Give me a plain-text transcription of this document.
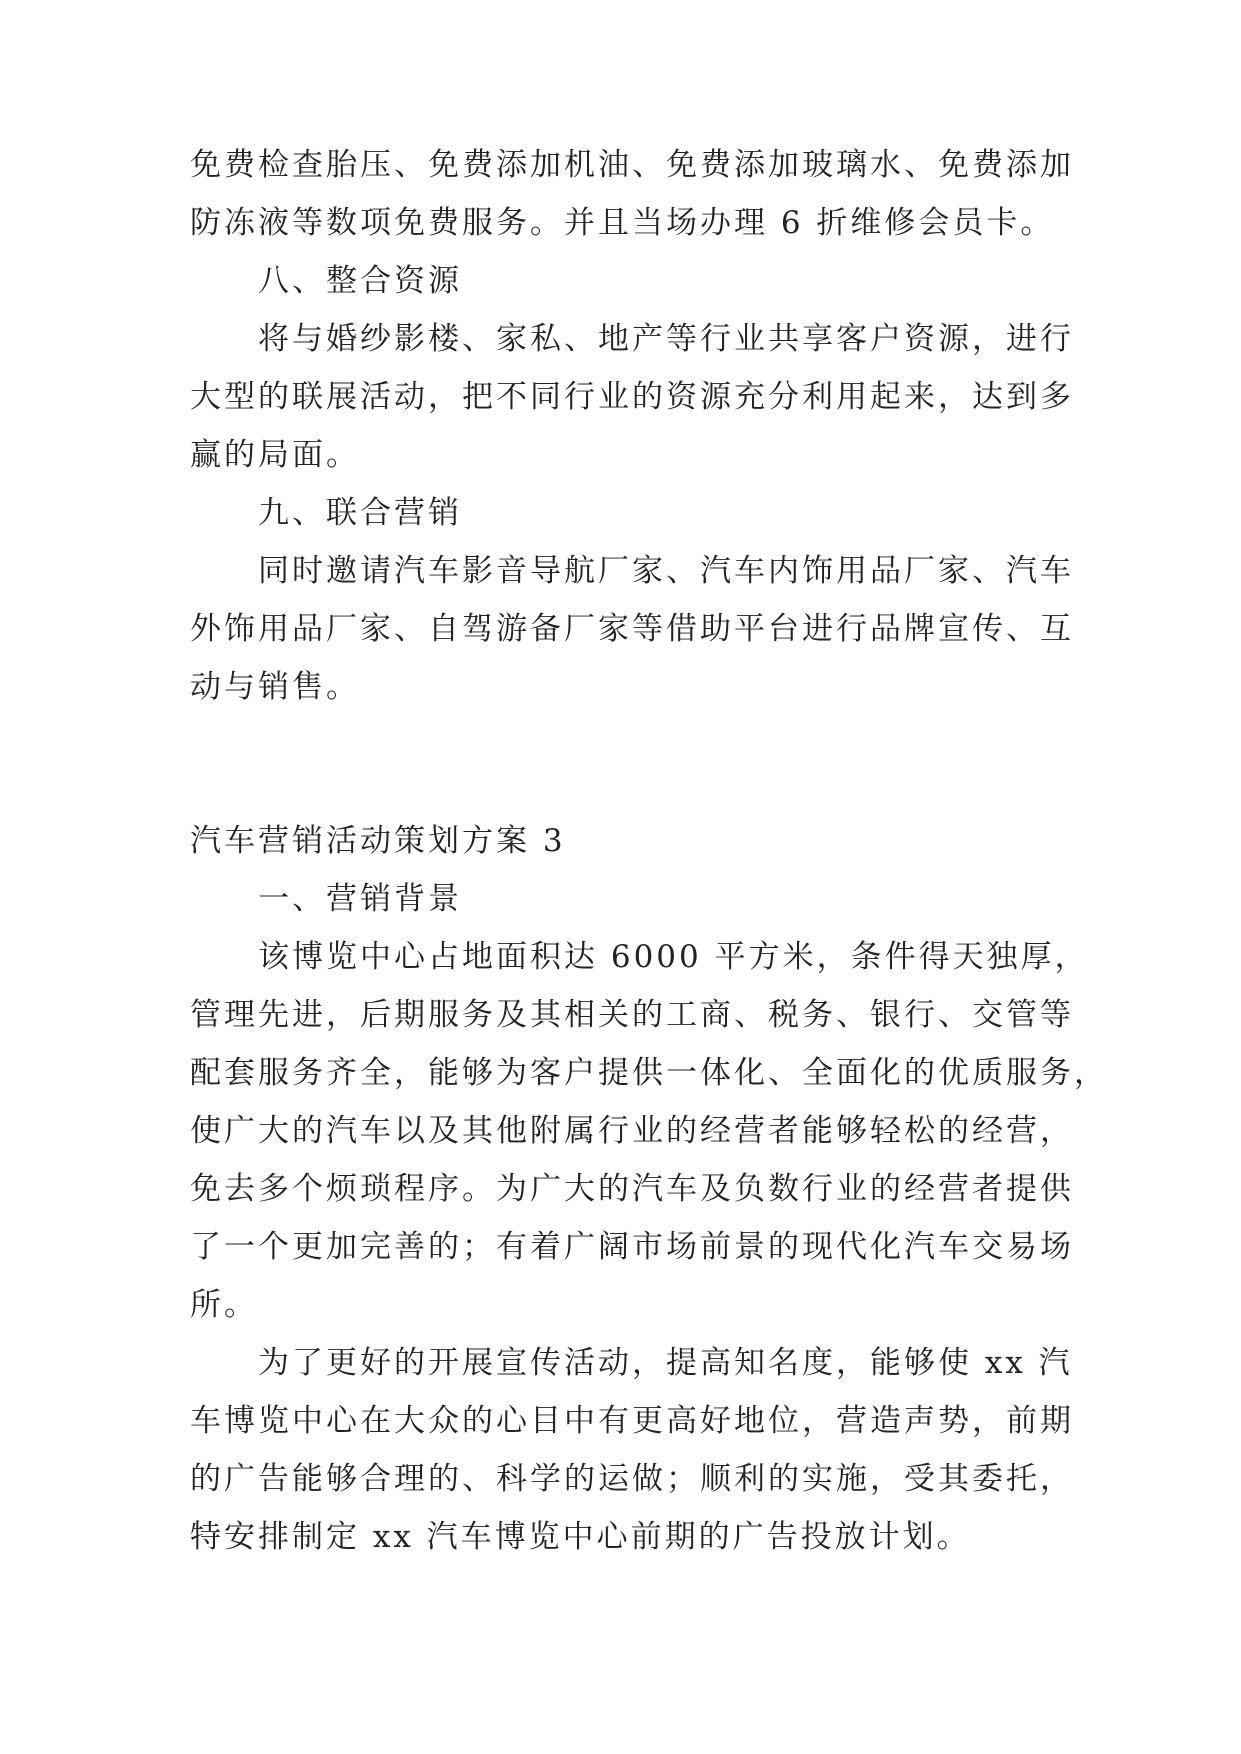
免费检查胎压、免费添加机油、免费添加玻璃水、免费添加
防冻液等数项免费服务。并且当场办理 6 折维修会员卡。
八、整合资源
将与婚纱影楼、家私、地产等行业共享客户资源，进行
大型的联展活动，把不同行业的资源充分利用起来，达到多
赢的局面。
九、联合营销
同时邀请汽车影音导航厂家、汽车内饰用品厂家、汽车
外饰用品厂家、自驾游备厂家等借助平台进行品牌宣传、互
动与销售。
汽车营销活动策划方案 3
一、营销背景
该博览中心占地面积达 6000 平方米，条件得天独厚，
管理先进，后期服务及其相关的工商、税务、银行、交管等
配套服务齐全，能够为客户提供一体化、全面化的优质服务，
使广大的汽车以及其他附属行业的经营者能够轻松的经营，
免去多个烦琐程序。为广大的汽车及负数行业的经营者提供
了一个更加完善的；有着广阔市场前景的现代化汽车交易场
所。
为了更好的开展宣传活动，提高知名度，能够使 xx 汽
车博览中心在大众的心目中有更高好地位，营造声势，前期
的广告能够合理的、科学的运做；顺利的实施，受其委托，
特安排制定 xx 汽车博览中心前期的广告投放计划。
